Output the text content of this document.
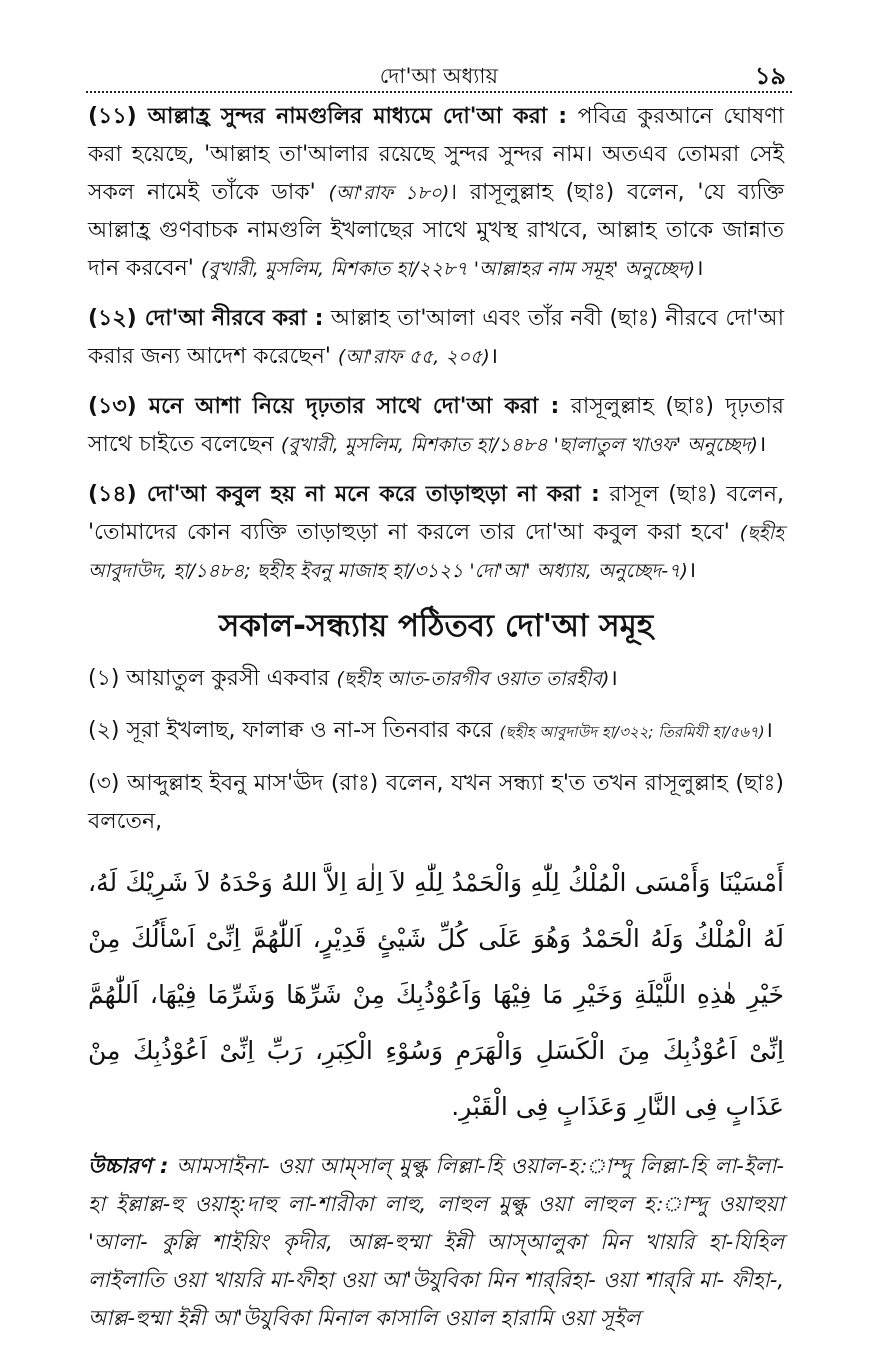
দো'আ অধ্যায়	১৯

(১১) আল্লাহ্র সুন্দর নামগুলির মাধ্যমে দো'আ করা : পবিত্র কুরআনে ঘোষণা করা হয়েছে, 'আল্লাহ তা'আলার রয়েছে সুন্দর সুন্দর নাম। অতএব তোমরা সেই সকল নামেই তাঁকে ডাক' (আ'রাফ ১৮০)। রাসূলুল্লাহ (ছাঃ) বলেন, 'যে ব্যক্তি আল্লাহ্র গুণবাচক নামগুলি ইখলাছের সাথে মুখস্থ রাখবে, আল্লাহ তাকে জান্নাত দান করবেন' (বুখারী, মুসলিম, মিশকাত হা/২২৮৭ 'আল্লাহর নাম সমূহ' অনুচ্ছেদ)।

(১২) দো'আ নীরবে করা : আল্লাহ তা'আলা এবং তাঁর নবী (ছাঃ) নীরবে দো'আ করার জন্য আদেশ করেছেন' (আ'রাফ ৫৫, ২০৫)।

(১৩) মনে আশা নিয়ে দৃঢ়তার সাথে দো'আ করা : রাসূলুল্লাহ (ছাঃ) দৃঢ়তার সাথে চাইতে বলেছেন (বুখারী, মুসলিম, মিশকাত হা/১৪৮৪ 'ছালাতুল খাওফ' অনুচ্ছেদ)।

(১৪) দো'আ কবুল হয় না মনে করে তাড়াহুড়া না করা : রাসূল (ছাঃ) বলেন, 'তোমাদের কোন ব্যক্তি তাড়াহুড়া না করলে তার দো'আ কবুল করা হবে' (ছহীহ আবুদাউদ, হা/১৪৮৪; ছহীহ ইবনু মাজাহ হা/৩১২১ 'দো'আ' অধ্যায়, অনুচ্ছেদ-৭)।

সকাল-সন্ধ্যায় পঠিতব্য দো'আ সমূহ

(১) আয়াতুল কুরসী একবার (ছহীহ আত-তারগীব ওয়াত তারহীব)।

(২) সূরা ইখলাছ, ফালাক্ব ও না-স তিনবার করে (ছহীহ আবুদাউদ হা/৩২২; তিরমিযী হা/৫৬৭)।

(৩) আব্দুল্লাহ ইবনু মাস'ঊদ (রাঃ) বলেন, যখন সন্ধ্যা হ'ত তখন রাসূলুল্লাহ (ছাঃ) বলতেন,

أَمْسَيْنَا وَأَمْسَى الْمُلْكُ لِلّٰهِ وَالْحَمْدُ لِلّٰهِ لاَ اِلٰهَ اِلاَّ اللهُ وَحْدَهُ لاَ شَرِيْكَ لَهُ، لَهُ الْمُلْكُ وَلَهُ الْحَمْدُ وَهُوَ عَلَى كُلِّ شَيْئٍ قَدِيْرٍ، اَللّٰهُمَّ اِنِّىْ اَسْأَلُكَ مِنْ خَيْرِ هٰذِهِ اللَّيْلَةِ وَخَيْرِ مَا فِيْهَا وَاَعُوْذُبِكَ مِنْ شَرِّهَا وَشَرِّمَا فِيْهَا، اَللّٰهُمَّ اِنِّىْ اَعُوْذُبِكَ مِنَ الْكَسَلِ وَالْهَرَمِ وَسُوْءِ الْكِبَرِ، رَبِّ اِنِّىْ اَعُوْذُبِكَ مِنْ عَذَابٍ فِى النَّارِ وَعَذَابٍ فِى الْقَبْرِ.

উচ্চারণ : আমসাইনা- ওয়া আম্সাল্ মুল্কু লিল্লা-হি ওয়াল-হ:াম্দু লিল্লা-হি লা-ইলা-হা ইল্লাল্ল-হু ওয়াহ্:দাহু লা-শারীকা লাহু, লাহুল মুল্কু ওয়া লাহুল হ:াম্দু ওয়াহুয়া 'আলা- কুল্লি শাইয়িং কৃদীর, আল্ল-হুম্মা ইন্নী আস্আলুকা মিন খায়রি হা-যিহিল লাইলাতি ওয়া খায়রি মা-ফীহা ওয়া আ'উযুবিকা মিন শার্‌রিহা- ওয়া শার্‌রি মা- ফীহা-, আল্ল-হুম্মা ইন্নী আ'উযুবিকা মিনাল কাসালি ওয়াল হারামি ওয়া সূইল
